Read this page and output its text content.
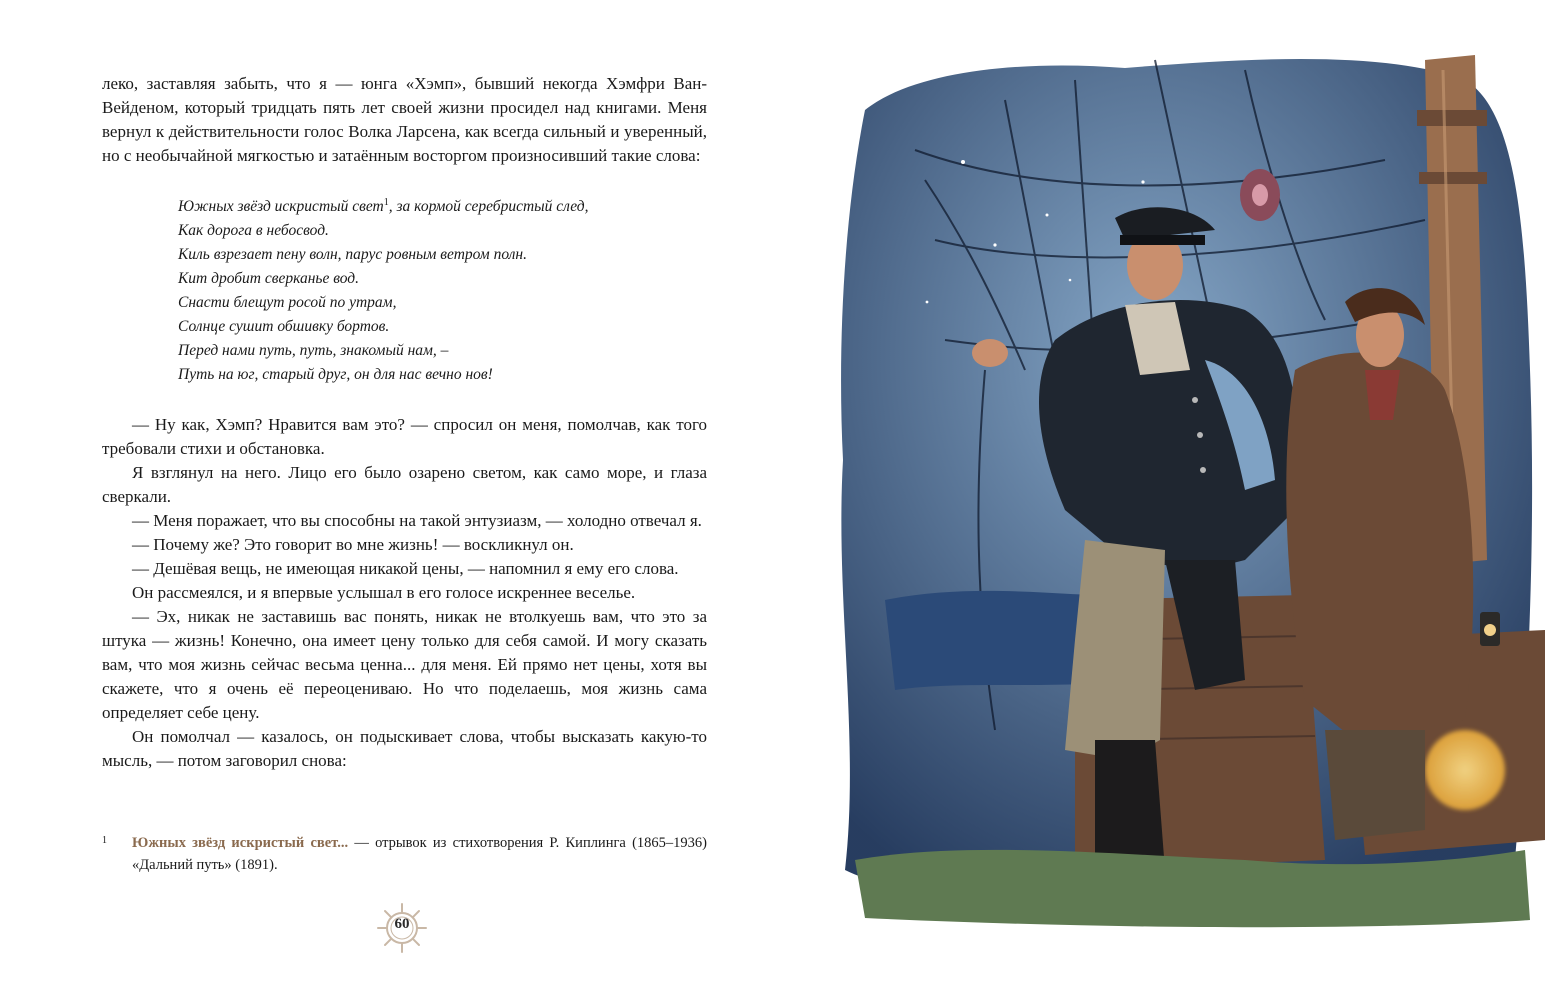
леко, заставляя забыть, что я — юнга «Хэмп», бывший некогда Хэмфри Ван-Вейденом, который тридцать пять лет своей жизни просидел над книгами. Меня вернул к действительности голос Волка Ларсена, как всегда сильный и уверенный, но с необычайной мягкостью и затаённым восторгом произносивший такие слова:

Южных звёзд искристый свет$^1$, за кормой серебристый след,
Как дорога в небосвод.
Киль взрезает пену волн, парус ровным ветром полн.
Кит дробит сверканье вод.
Снасти блещут росой по утрам,
Солнце сушит обшивку бортов.
Перед нами путь, путь, знакомый нам, –
Путь на юг, старый друг, он для нас вечно нов!

— Ну как, Хэмп? Нравится вам это? — спросил он меня, помолчав, как того требовали стихи и обстановка.

Я взглянул на него. Лицо его было озарено светом, как само море, и глаза сверкали.

— Меня поражает, что вы способны на такой энтузиазм, — холодно отвечал я.

— Почему же? Это говорит во мне жизнь! — воскликнул он.

— Дешёвая вещь, не имеющая никакой цены, — напомнил я ему его слова.

Он рассмеялся, и я впервые услышал в его голосе искреннее веселье.

— Эх, никак не заставишь вас понять, никак не втолкуешь вам, что это за штука — жизнь! Конечно, она имеет цену только для себя самой. И могу сказать вам, что моя жизнь сейчас весьма ценна... для меня. Ей прямо нет цены, хотя вы скажете, что я очень её переоцениваю. Но что поделаешь, моя жизнь сама определяет себе цену.

Он помолчал — казалось, он подыскивает слова, чтобы высказать какую-то мысль, — потом заговорил снова:

1 Южных звёзд искристый свет... — отрывок из стихотворения Р. Киплинга (1865–1936) «Дальний путь» (1891).
60
